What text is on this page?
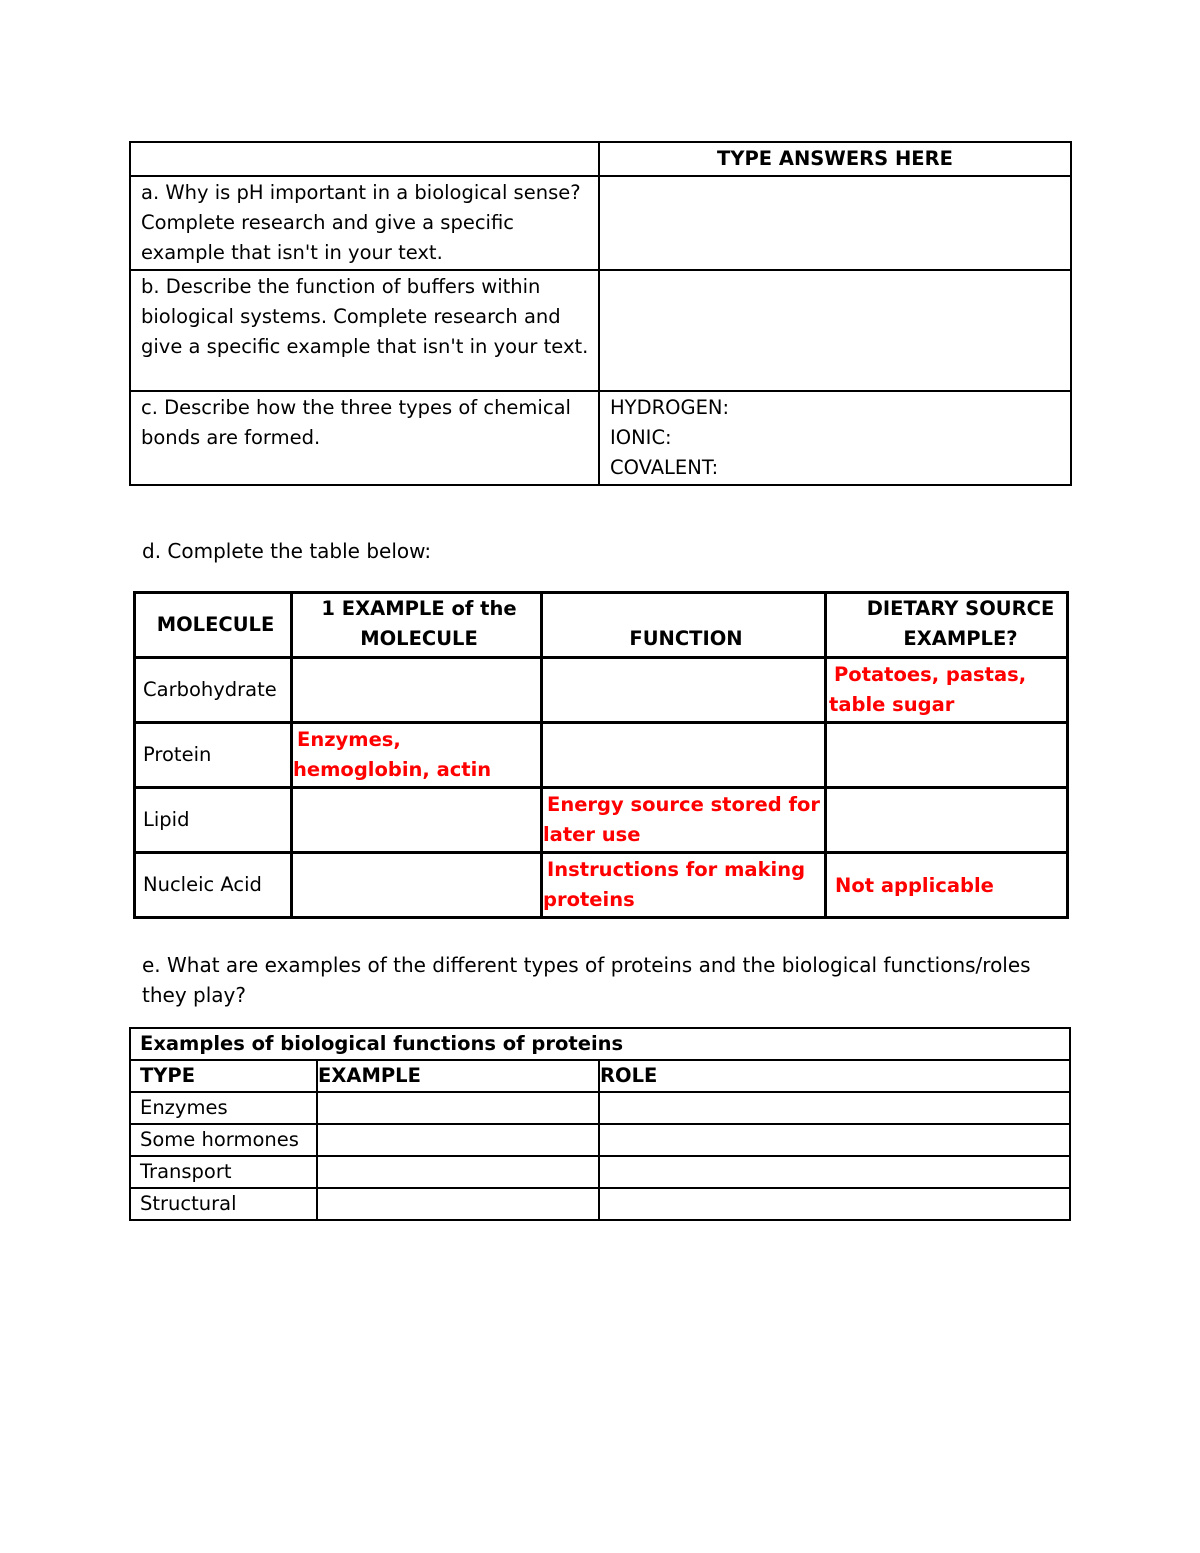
	TYPE ANSWERS HERE
a. Why is pH important in a biological sense? Complete research and give a specific example that isn't in your text.	
b. Describe the function of buffers within biological systems. Complete research and give a specific example that isn't in your text.	
c. Describe how the three types of chemical bonds are formed.	HYDROGEN:
IONIC:
COVALENT:
d. Complete the table below:
MOLECULE	1 EXAMPLE of the MOLECULE	FUNCTION	DIETARY SOURCE EXAMPLE?
Carbohydrate			Potatoes, pastas, table sugar
Protein	Enzymes, hemoglobin, actin		
Lipid		Energy source stored for later use	
Nucleic Acid		Instructions for making proteins	Not applicable
e. What are examples of the different types of proteins and the biological functions/roles they play?
Examples of biological functions of proteins		
TYPE	EXAMPLE	ROLE
Enzymes		
Some hormones		
Transport		
Structural		
